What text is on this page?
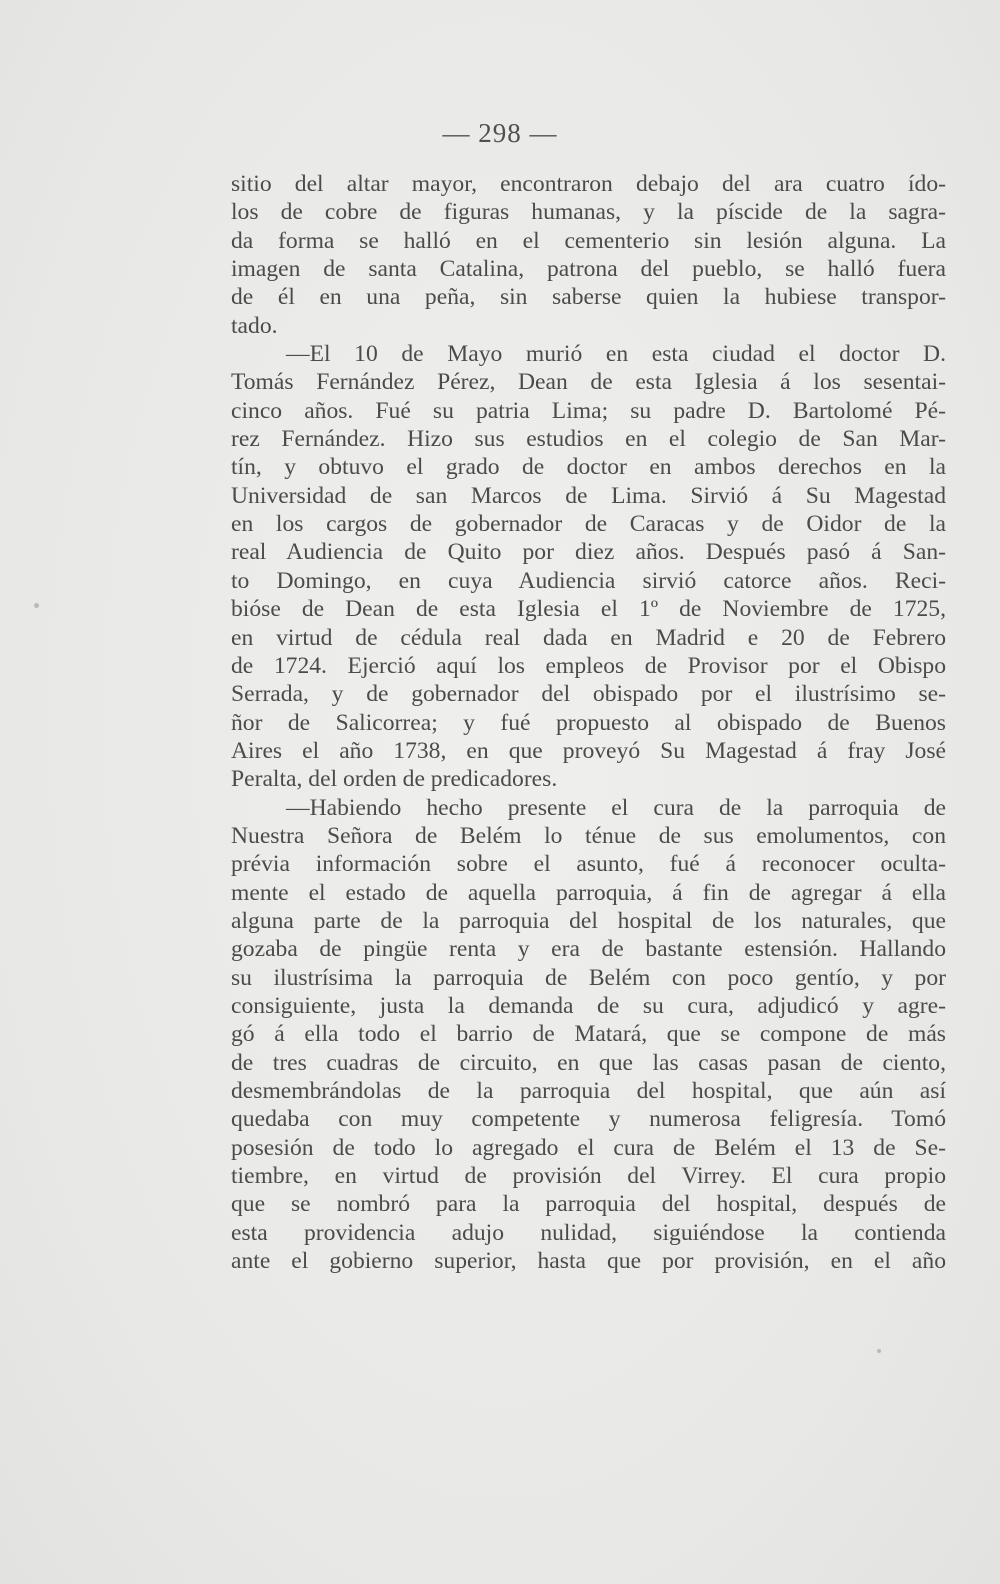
— 298 —
sitio del altar mayor, encontraron debajo del ara cuatro ído-
los de cobre de figuras humanas, y la píscide de la sagra-
da forma se halló en el cementerio sin lesión alguna. La
imagen de santa Catalina, patrona del pueblo, se halló fuera
de él en una peña, sin saberse quien la hubiese transpor-
tado.
—El 10 de Mayo murió en esta ciudad el doctor D.
Tomás Fernández Pérez, Dean de esta Iglesia á los sesentai-
cinco años. Fué su patria Lima; su padre D. Bartolomé Pé-
rez Fernández. Hizo sus estudios en el colegio de San Mar-
tín, y obtuvo el grado de doctor en ambos derechos en la
Universidad de san Marcos de Lima. Sirvió á Su Magestad
en los cargos de gobernador de Caracas y de Oidor de la
real Audiencia de Quito por diez años. Después pasó á San-
to Domingo, en cuya Audiencia sirvió catorce años. Reci-
bióse de Dean de esta Iglesia el 1º de Noviembre de 1725,
en virtud de cédula real dada en Madrid e 20 de Febrero
de 1724. Ejerció aquí los empleos de Provisor por el Obispo
Serrada, y de gobernador del obispado por el ilustrísimo se-
ñor de Salicorrea; y fué propuesto al obispado de Buenos
Aires el año 1738, en que proveyó Su Magestad á fray José
Peralta, del orden de predicadores.
—Habiendo hecho presente el cura de la parroquia de
Nuestra Señora de Belém lo ténue de sus emolumentos, con
prévia información sobre el asunto, fué á reconocer oculta-
mente el estado de aquella parroquia, á fin de agregar á ella
alguna parte de la parroquia del hospital de los naturales, que
gozaba de pingüe renta y era de bastante estensión. Hallando
su ilustrísima la parroquia de Belém con poco gentío, y por
consiguiente, justa la demanda de su cura, adjudicó y agre-
gó á ella todo el barrio de Matará, que se compone de más
de tres cuadras de circuito, en que las casas pasan de ciento,
desmembrándolas de la parroquia del hospital, que aún así
quedaba con muy competente y numerosa feligresía. Tomó
posesión de todo lo agregado el cura de Belém el 13 de Se-
tiembre, en virtud de provisión del Virrey. El cura propio
que se nombró para la parroquia del hospital, después de
esta providencia adujo nulidad, siguiéndose la contienda
ante el gobierno superior, hasta que por provisión, en el año
